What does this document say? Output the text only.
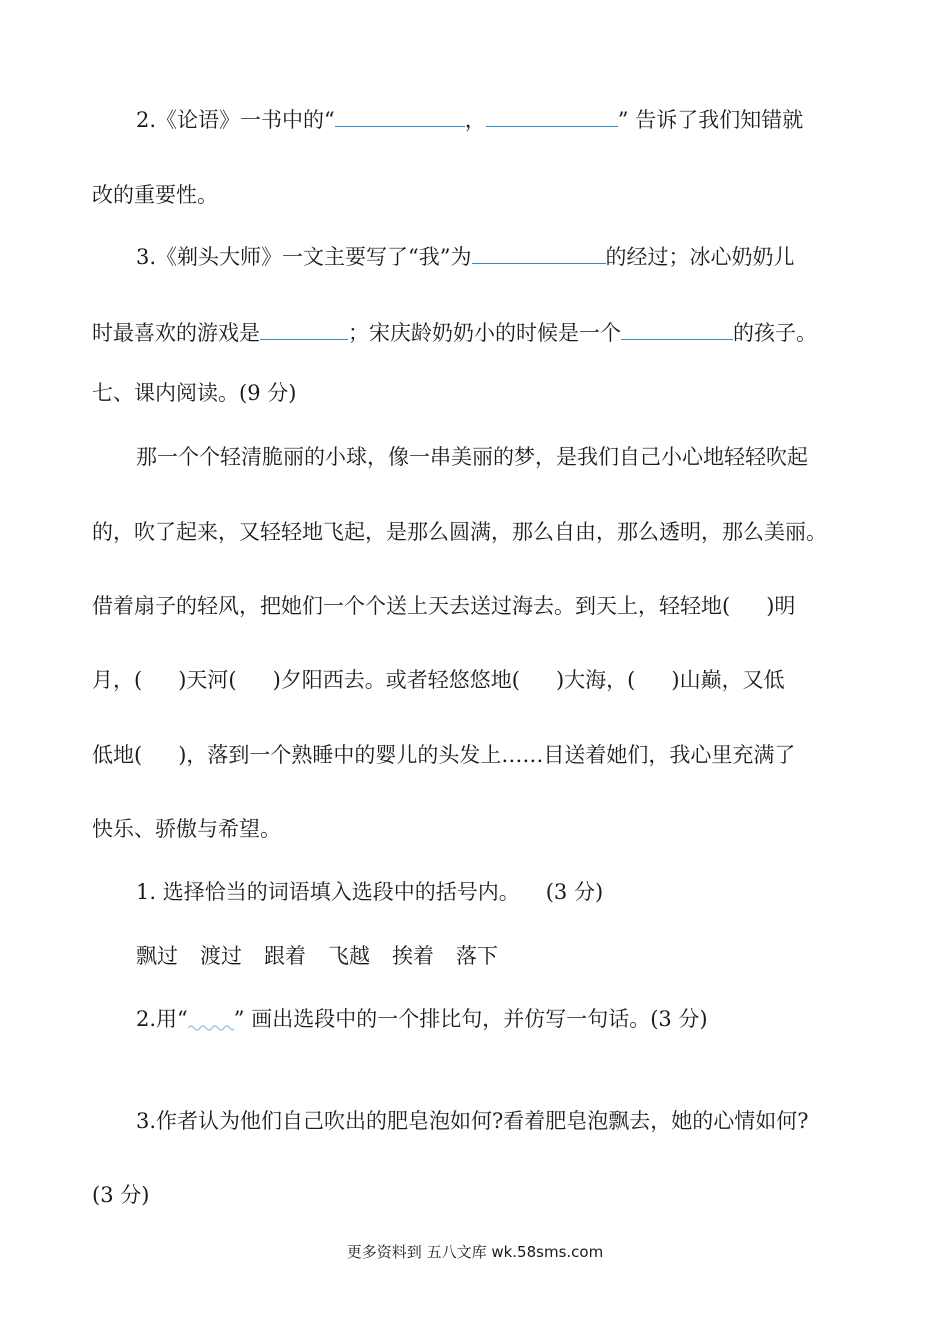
2.《论语》一书中的“	，	” 告诉了我们知错就
改的重要性。
3.《剃头大师》一文主要写了“我”为	的经过；冰心奶奶儿
时最喜欢的游戏是	；宋庆龄奶奶小的时候是一个	的孩子。
七、课内阅读。(9 分)
那一个个轻清脆丽的小球，像一串美丽的梦，是我们自己小心地轻轻吹起
的，吹了起来，又轻轻地飞起，是那么圆满，那么自由，那么透明，那么美丽。
借着扇子的轻风，把她们一个个送上天去送过海去。到天上，轻轻地( )明
月，( )天河( )夕阳西去。或者轻悠悠地( )大海，( )山巅，又低
低地( )，落到一个熟睡中的婴儿的头发上……目送着她们，我心里充满了
快乐、骄傲与希望。
1. 选择恰当的词语填入选段中的括号内。 (3 分)
飘过 渡过 跟着 飞越 挨着 落下
2.用“ ” 画出选段中的一个排比句，并仿写一句话。(3 分)
3.作者认为他们自己吹出的肥皂泡如何?看着肥皂泡飘去，她的心情如何?
(3 分)
更多资料到 五八文库 wk.58sms.com
